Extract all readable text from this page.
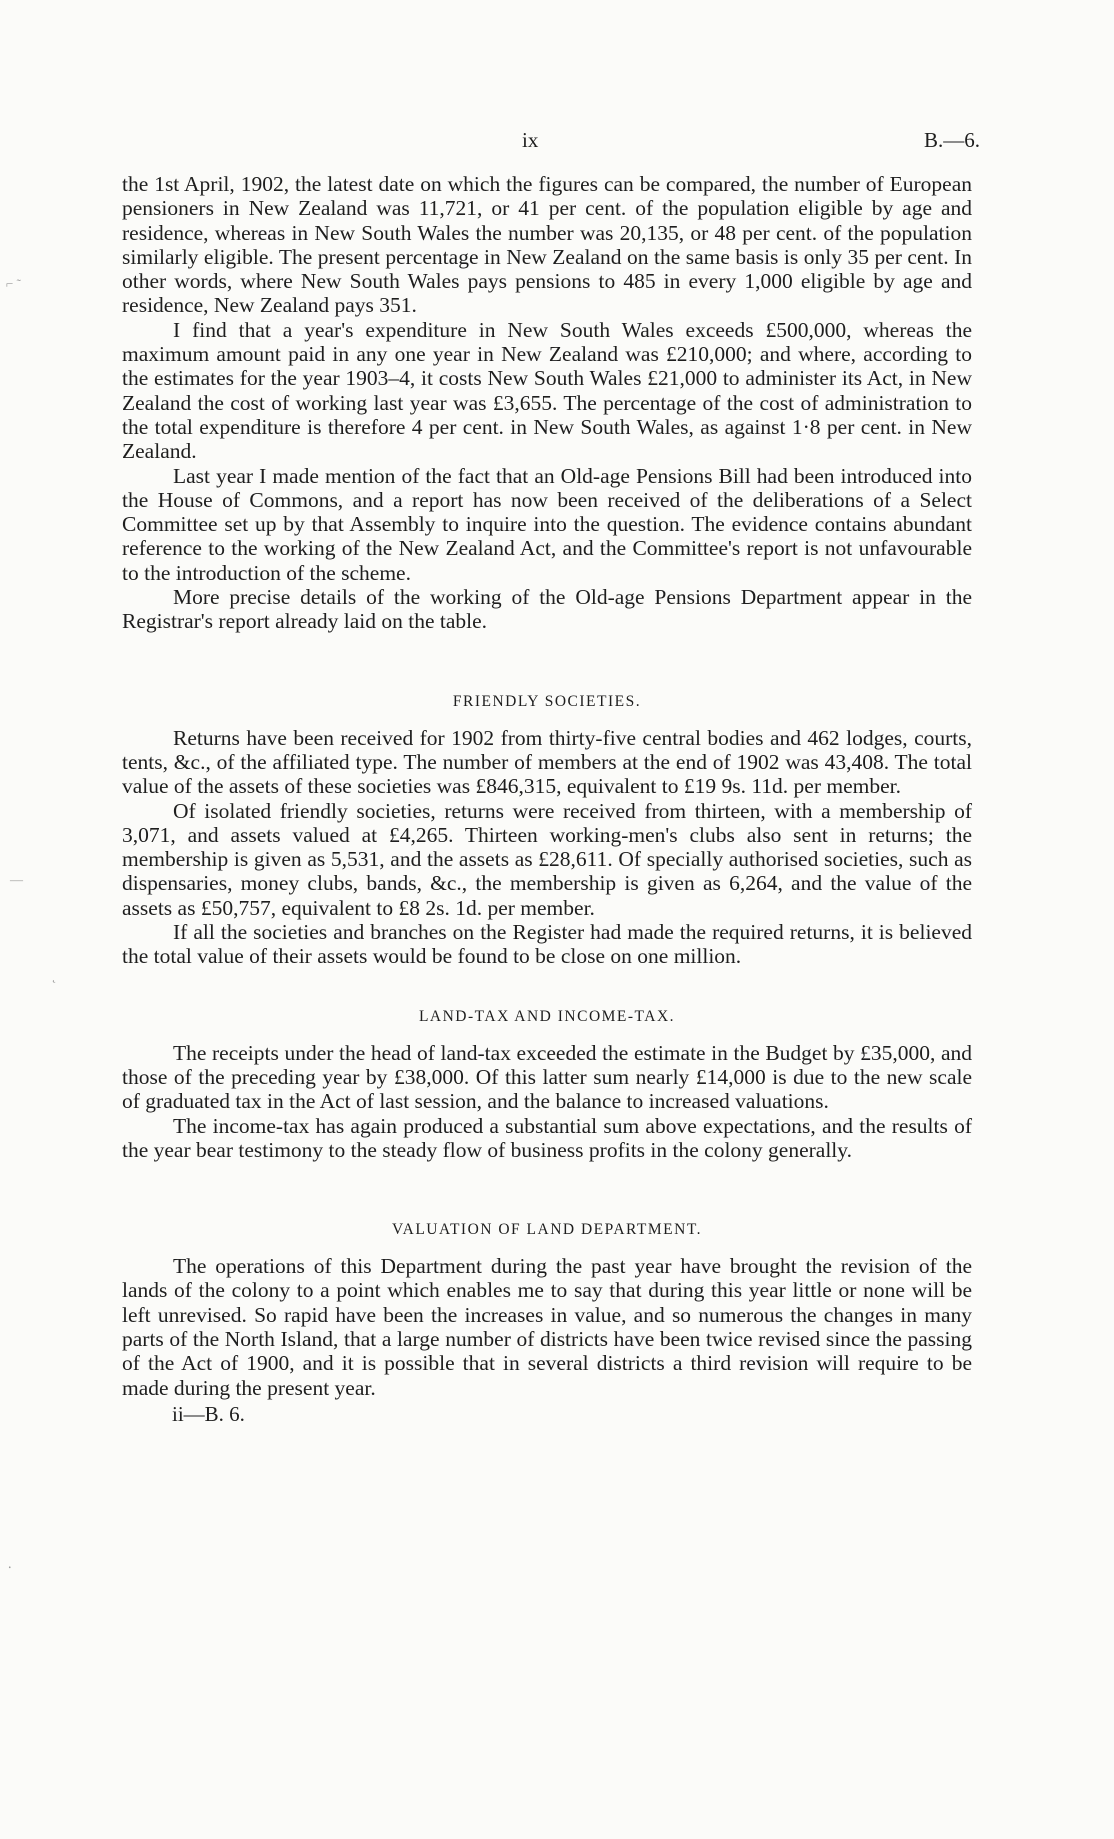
⌐ ˜
—
˛
⸱
ix	B.—6.

the 1st April, 1902, the latest date on which the figures can be compared, the number of European pensioners in New Zealand was 11,721, or 41 per cent. of the population eligible by age and residence, whereas in New South Wales the number was 20,135, or 48 per cent. of the population similarly eligible. The present percentage in New Zealand on the same basis is only 35 per cent. In other words, where New South Wales pays pensions to 485 in every 1,000 eligible by age and residence, New Zealand pays 351.

I find that a year's expenditure in New South Wales exceeds £500,000, whereas the maximum amount paid in any one year in New Zealand was £210,000; and where, according to the estimates for the year 1903–4, it costs New South Wales £21,000 to administer its Act, in New Zealand the cost of working last year was £3,655. The percentage of the cost of administration to the total expenditure is therefore 4 per cent. in New South Wales, as against 1·8 per cent. in New Zealand.

Last year I made mention of the fact that an Old-age Pensions Bill had been introduced into the House of Commons, and a report has now been received of the deliberations of a Select Committee set up by that Assembly to inquire into the question. The evidence contains abundant reference to the working of the New Zealand Act, and the Committee's report is not unfavourable to the introduction of the scheme.

More precise details of the working of the Old-age Pensions Department appear in the Registrar's report already laid on the table.

FRIENDLY SOCIETIES.

Returns have been received for 1902 from thirty-five central bodies and 462 lodges, courts, tents, &c., of the affiliated type. The number of members at the end of 1902 was 43,408. The total value of the assets of these societies was £846,315, equivalent to £19 9s. 11d. per member.

Of isolated friendly societies, returns were received from thirteen, with a membership of 3,071, and assets valued at £4,265. Thirteen working-men's clubs also sent in returns; the membership is given as 5,531, and the assets as £28,611. Of specially authorised societies, such as dispensaries, money clubs, bands, &c., the membership is given as 6,264, and the value of the assets as £50,757, equivalent to £8 2s. 1d. per member.

If all the societies and branches on the Register had made the required returns, it is believed the total value of their assets would be found to be close on one million.

LAND-TAX AND INCOME-TAX.

The receipts under the head of land-tax exceeded the estimate in the Budget by £35,000, and those of the preceding year by £38,000. Of this latter sum nearly £14,000 is due to the new scale of graduated tax in the Act of last session, and the balance to increased valuations.

The income-tax has again produced a substantial sum above expectations, and the results of the year bear testimony to the steady flow of business profits in the colony generally.

VALUATION OF LAND DEPARTMENT.

The operations of this Department during the past year have brought the revision of the lands of the colony to a point which enables me to say that during this year little or none will be left unrevised. So rapid have been the increases in value, and so numerous the changes in many parts of the North Island, that a large number of districts have been twice revised since the passing of the Act of 1900, and it is possible that in several districts a third revision will require to be made during the present year.

ii—B. 6.
